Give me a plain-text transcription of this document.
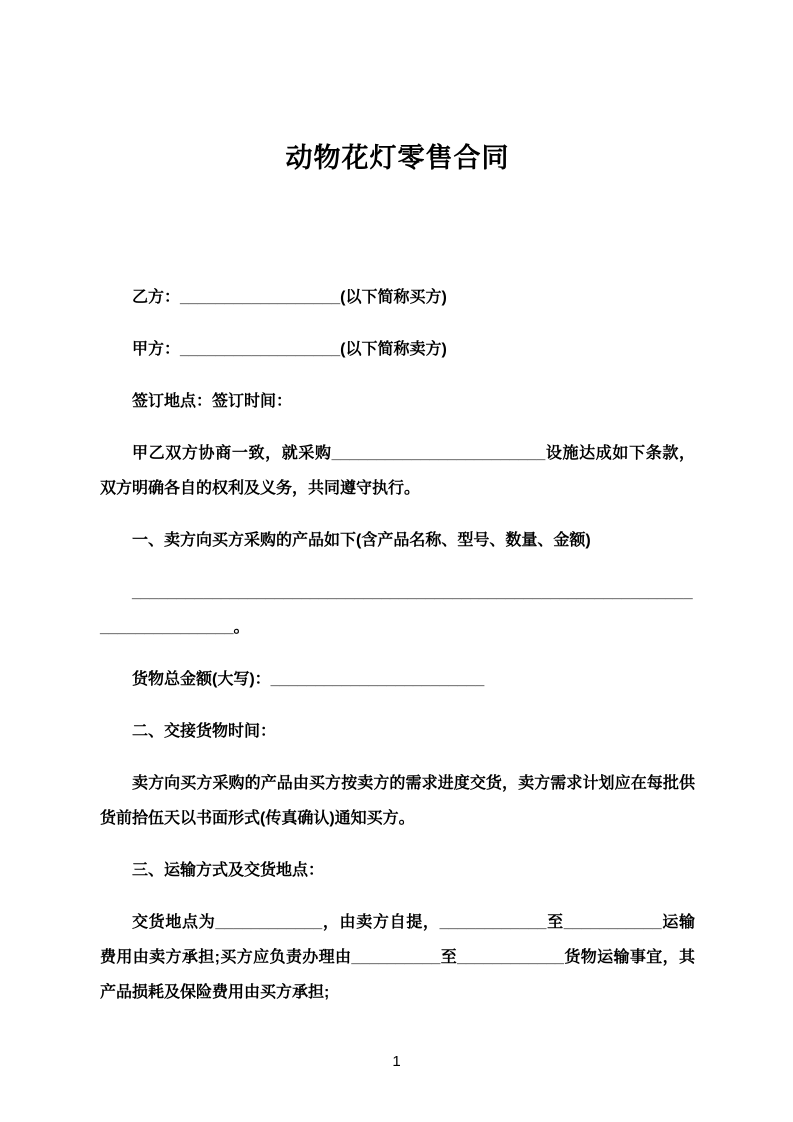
动物花灯零售合同

乙方：__________________(以下简称买方)

甲方：__________________(以下简称卖方)

签订地点：签订时间：

甲乙双方协商一致，就采购________________________设施达成如下条款，双方明确各自的权利及义务，共同遵守执行。

一、卖方向买方采购的产品如下(含产品名称、型号、数量、金额)

______________________________________________________________________________。

货物总金额(大写)：________________________

二、交接货物时间：

卖方向买方采购的产品由买方按卖方的需求进度交货，卖方需求计划应在每批供货前拾伍天以书面形式(传真确认)通知买方。

三、运输方式及交货地点：

交货地点为____________，由卖方自提，____________至___________运输费用由卖方承担;买方应负责办理由__________至____________货物运输事宜，其产品损耗及保险费用由买方承担;

1
